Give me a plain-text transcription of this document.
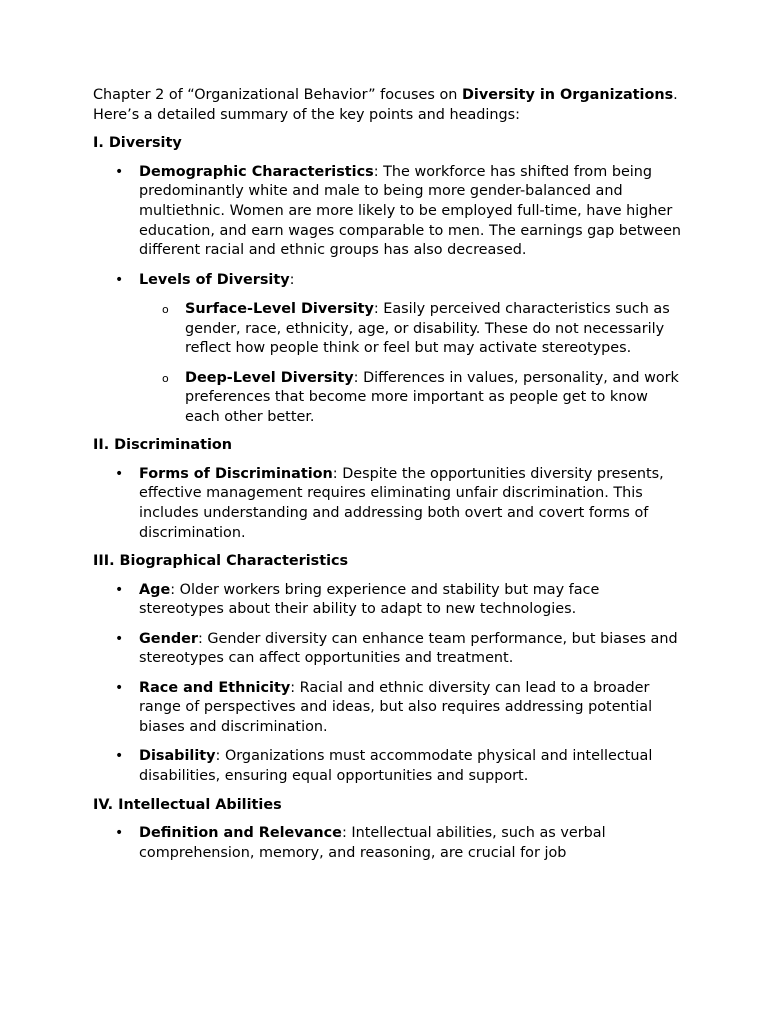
Chapter 2 of “Organizational Behavior” focuses on Diversity in Organizations. Here’s a detailed summary of the key points and headings:

I. Diversity

• Demographic Characteristics: The workforce has shifted from being predominantly white and male to being more gender-balanced and multiethnic. Women are more likely to be employed full-time, have higher education, and earn wages comparable to men. The earnings gap between different racial and ethnic groups has also decreased.
• Levels of Diversity:
o Surface-Level Diversity: Easily perceived characteristics such as gender, race, ethnicity, age, or disability. These do not necessarily reflect how people think or feel but may activate stereotypes.
o Deep-Level Diversity: Differences in values, personality, and work preferences that become more important as people get to know each other better.

II. Discrimination

• Forms of Discrimination: Despite the opportunities diversity presents, effective management requires eliminating unfair discrimination. This includes understanding and addressing both overt and covert forms of discrimination.

III. Biographical Characteristics

• Age: Older workers bring experience and stability but may face stereotypes about their ability to adapt to new technologies.
• Gender: Gender diversity can enhance team performance, but biases and stereotypes can affect opportunities and treatment.
• Race and Ethnicity: Racial and ethnic diversity can lead to a broader range of perspectives and ideas, but also requires addressing potential biases and discrimination.
• Disability: Organizations must accommodate physical and intellectual disabilities, ensuring equal opportunities and support.

IV. Intellectual Abilities

• Definition and Relevance: Intellectual abilities, such as verbal comprehension, memory, and reasoning, are crucial for job
